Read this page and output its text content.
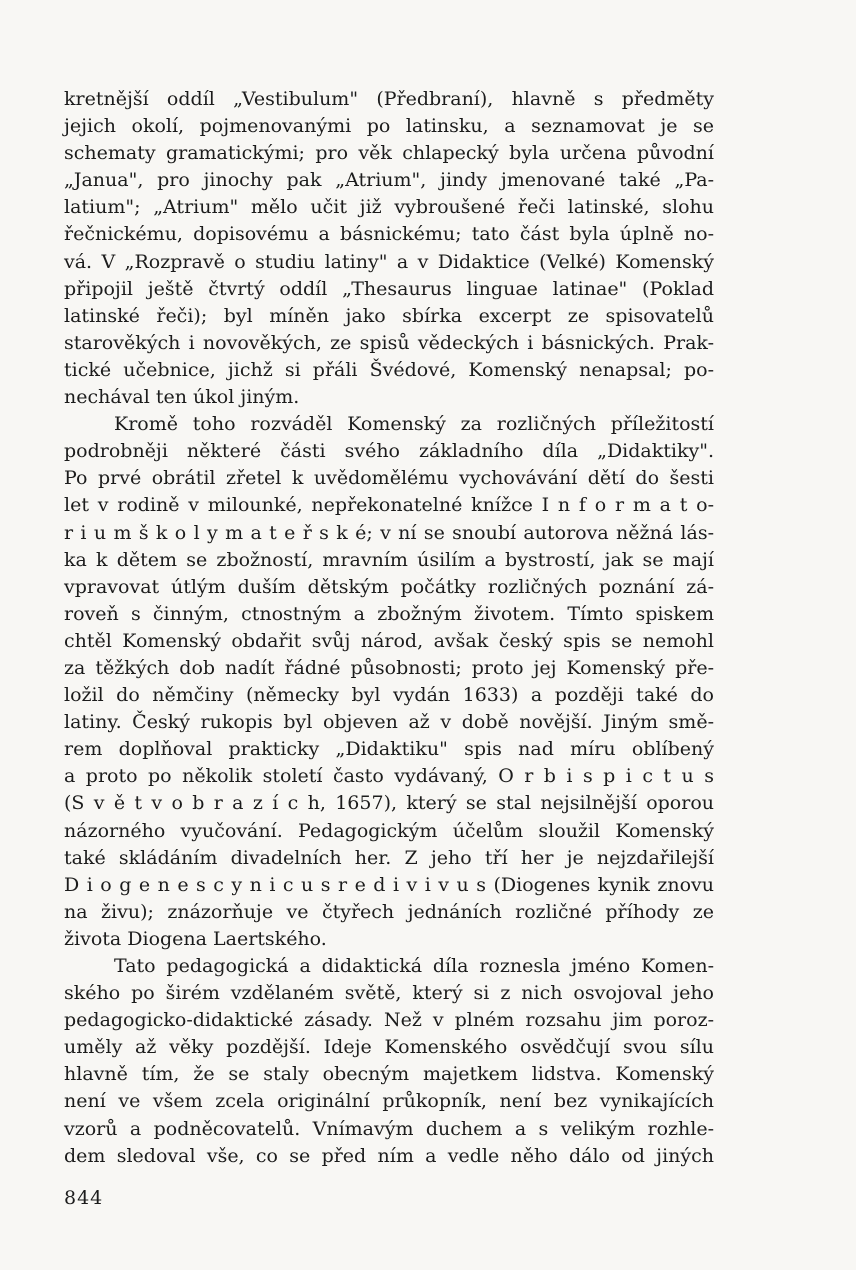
kretnější oddíl „Vestibulum" (Předbraní), hlavně s předměty
jejich okolí, pojmenovanými po latinsku, a seznamovat je se
schematy gramatickými; pro věk chlapecký byla určena původní
„Janua", pro jinochy pak „Atrium", jindy jmenované také „Pa-
latium"; „Atrium" mělo učit již vybroušené řeči latinské, slohu
řečnickému, dopisovému a básnickému; tato část byla úplně no-
vá. V „Rozpravě o studiu latiny" a v Didaktice (Velké) Komenský
připojil ještě čtvrtý oddíl „Thesaurus linguae latinae" (Poklad
latinské řeči); byl míněn jako sbírka excerpt ze spisovatelů
starověkých i novověkých, ze spisů vědeckých i básnických. Prak-
tické učebnice, jichž si přáli Švédové, Komenský nenapsal; po-
nechával ten úkol jiným.
Kromě toho rozváděl Komenský za rozličných příležitostí
podrobněji některé části svého základního díla „Didaktiky".
Po prvé obrátil zřetel k uvědomělému vychovávání dětí do šesti
let v rodině v milounké, nepřekonatelné knížce I n f o r m a t o-
r i u m š k o l y m a t e ř s k é; v ní se snoubí autorova něžná lás-
ka k dětem se zbožností, mravním úsilím a bystrostí, jak se mají
vpravovat útlým duším dětským počátky rozličných poznání zá-
roveň s činným, ctnostným a zbožným životem. Tímto spiskem
chtěl Komenský obdařit svůj národ, avšak český spis se nemohl
za těžkých dob nadít řádné působnosti; proto jej Komenský pře-
ložil do němčiny (německy byl vydán 1633) a později také do
latiny. Český rukopis byl objeven až v době novější. Jiným smě-
rem doplňoval prakticky „Didaktiku" spis nad míru oblíbený
a proto po několik století často vydávaný, O r b i s p i c t u s
(S v ě t v o b r a z í c h, 1657), který se stal nejsilnější oporou
názorného vyučování. Pedagogickým účelům sloužil Komenský
také skládáním divadelních her. Z jeho tří her je nejzdařilejší
D i o g e n e s c y n i c u s r e d i v i v u s (Diogenes kynik znovu
na živu); znázorňuje ve čtyřech jednáních rozličné příhody ze
života Diogena Laertského.
Tato pedagogická a didaktická díla roznesla jméno Komen-
ského po širém vzdělaném světě, který si z nich osvojoval jeho
pedagogicko-didaktické zásady. Než v plném rozsahu jim poroz-
uměly až věky pozdější. Ideje Komenského osvědčují svou sílu
hlavně tím, že se staly obecným majetkem lidstva. Komenský
není ve všem zcela originální průkopník, není bez vynikajících
vzorů a podněcovatelů. Vnímavým duchem a s velikým rozhle-
dem sledoval vše, co se před ním a vedle něho dálo od jiných
844
